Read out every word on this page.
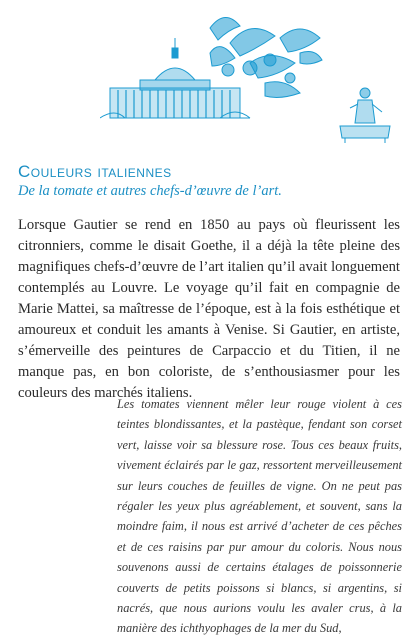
Couleurs italiennes
De la tomate et autres chefs-d’œuvre de l’art.

Lorsque Gautier se rend en 1850 au pays où fleurissent les citronniers, comme le disait Goethe, il a déjà la tête pleine des magnifiques chefs-d’œuvre de l’art italien qu’il avait longuement contemplés au Louvre. Le voyage qu’il fait en compagnie de Marie Mattei, sa maîtresse de l’époque, est à la fois esthétique et amoureux et conduit les amants à Venise. Si Gautier, en artiste, s’émerveille des peintures de Carpaccio et du Titien, il ne manque pas, en bon coloriste, de s’enthousiasmer pour les couleurs des marchés italiens.

Les tomates viennent mêler leur rouge violent à ces teintes blondissantes, et la pastèque, fendant son corset vert, laisse voir sa blessure rose. Tous ces beaux fruits, vivement éclairés par le gaz, ressortent merveilleusement sur leurs couches de feuilles de vigne. On ne peut pas régaler les yeux plus agréablement, et souvent, sans la moindre faim, il nous est arrivé d’acheter de ces pêches et de ces raisins par pur amour du coloris. Nous nous souvenons aussi de certains étalages de poissonnerie couverts de petits poissons si blancs, si argentins, si nacrés, que nous aurions voulu les avaler crus, à la manière des ichthyophages de la mer du Sud,
